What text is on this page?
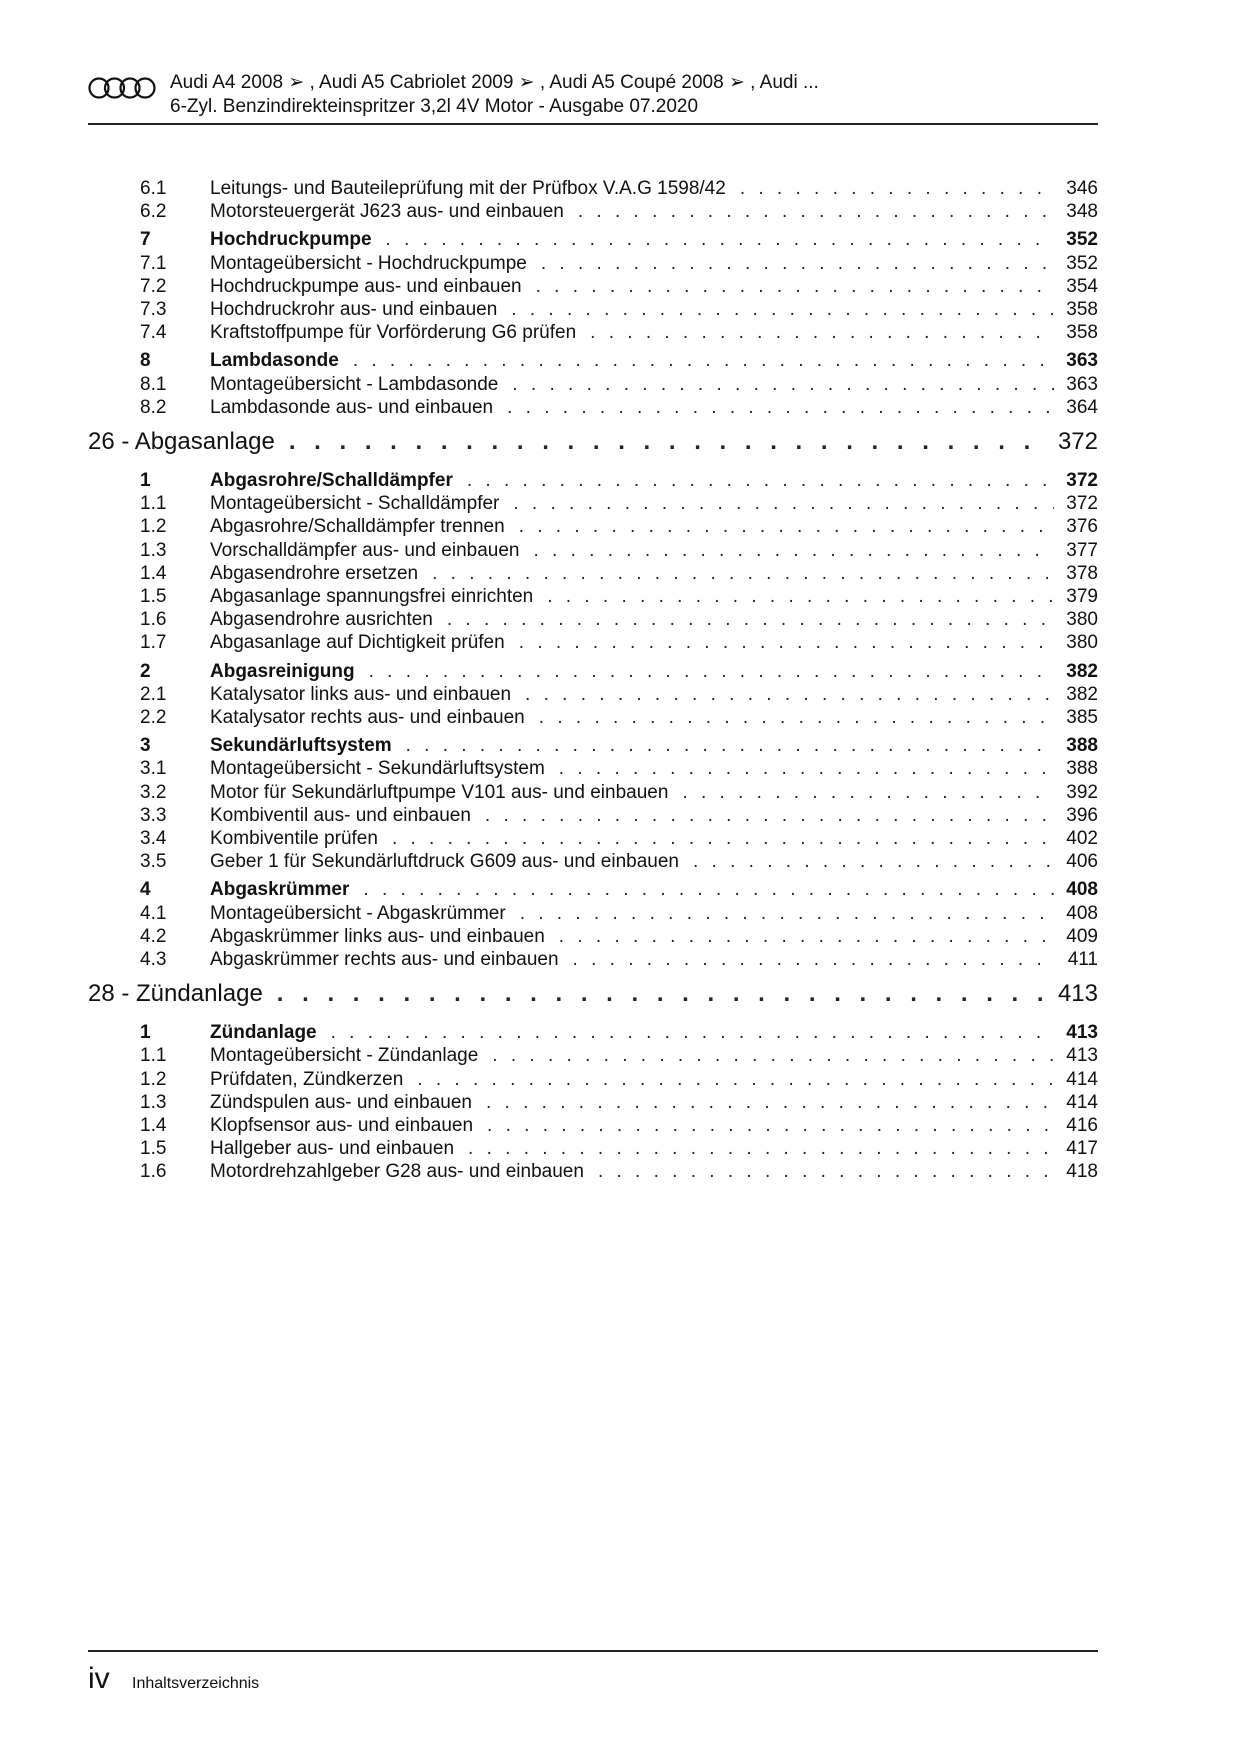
Audi A4 2008 ➢ , Audi A5 Cabriolet 2009 ➢ , Audi A5 Coupé 2008 ➢ , Audi ...
6-Zyl. Benzindirekteinspritzer 3,2l 4V Motor - Ausgabe 07.2020
6.1	Leitungs- und Bauteileprüfung mit der Prüfbox V.A.G 1598/42 . . .	346
6.2	Motorsteuergerät J623 aus- und einbauen . . .	348
7	Hochdruckpumpe . . .	352
7.1	Montageübersicht - Hochdruckpumpe . . .	352
7.2	Hochdruckpumpe aus- und einbauen . . .	354
7.3	Hochdruckrohr aus- und einbauen . . .	358
7.4	Kraftstoffpumpe für Vorförderung G6 prüfen . . .	358
8	Lambdasonde . . .	363
8.1	Montageübersicht - Lambdasonde . . .	363
8.2	Lambdasonde aus- und einbauen . . .	364
26 - Abgasanlage . . .	372
1	Abgasrohre/Schalldämpfer . . .	372
1.1	Montageübersicht - Schalldämpfer . . .	372
1.2	Abgasrohre/Schalldämpfer trennen . . .	376
1.3	Vorschalldämpfer aus- und einbauen . . .	377
1.4	Abgasendrohre ersetzen . . .	378
1.5	Abgasanlage spannungsfrei einrichten . . .	379
1.6	Abgasendrohre ausrichten . . .	380
1.7	Abgasanlage auf Dichtigkeit prüfen . . .	380
2	Abgasreinigung . . .	382
2.1	Katalysator links aus- und einbauen . . .	382
2.2	Katalysator rechts aus- und einbauen . . .	385
3	Sekundärluftsystem . . .	388
3.1	Montageübersicht - Sekundärluftsystem . . .	388
3.2	Motor für Sekundärluftpumpe V101 aus- und einbauen . . .	392
3.3	Kombiventil aus- und einbauen . . .	396
3.4	Kombiventile prüfen . . .	402
3.5	Geber 1 für Sekundärluftdruck G609 aus- und einbauen . . .	406
4	Abgaskrümmer . . .	408
4.1	Montageübersicht - Abgaskrümmer . . .	408
4.2	Abgaskrümmer links aus- und einbauen . . .	409
4.3	Abgaskrümmer rechts aus- und einbauen . . .	411
28 - Zündanlage . . .	413
1	Zündanlage . . .	413
1.1	Montageübersicht - Zündanlage . . .	413
1.2	Prüfdaten, Zündkerzen . . .	414
1.3	Zündspulen aus- und einbauen . . .	414
1.4	Klopfsensor aus- und einbauen . . .	416
1.5	Hallgeber aus- und einbauen . . .	417
1.6	Motordrehzahlgeber G28 aus- und einbauen . . .	418
iv Inhaltsverzeichnis
